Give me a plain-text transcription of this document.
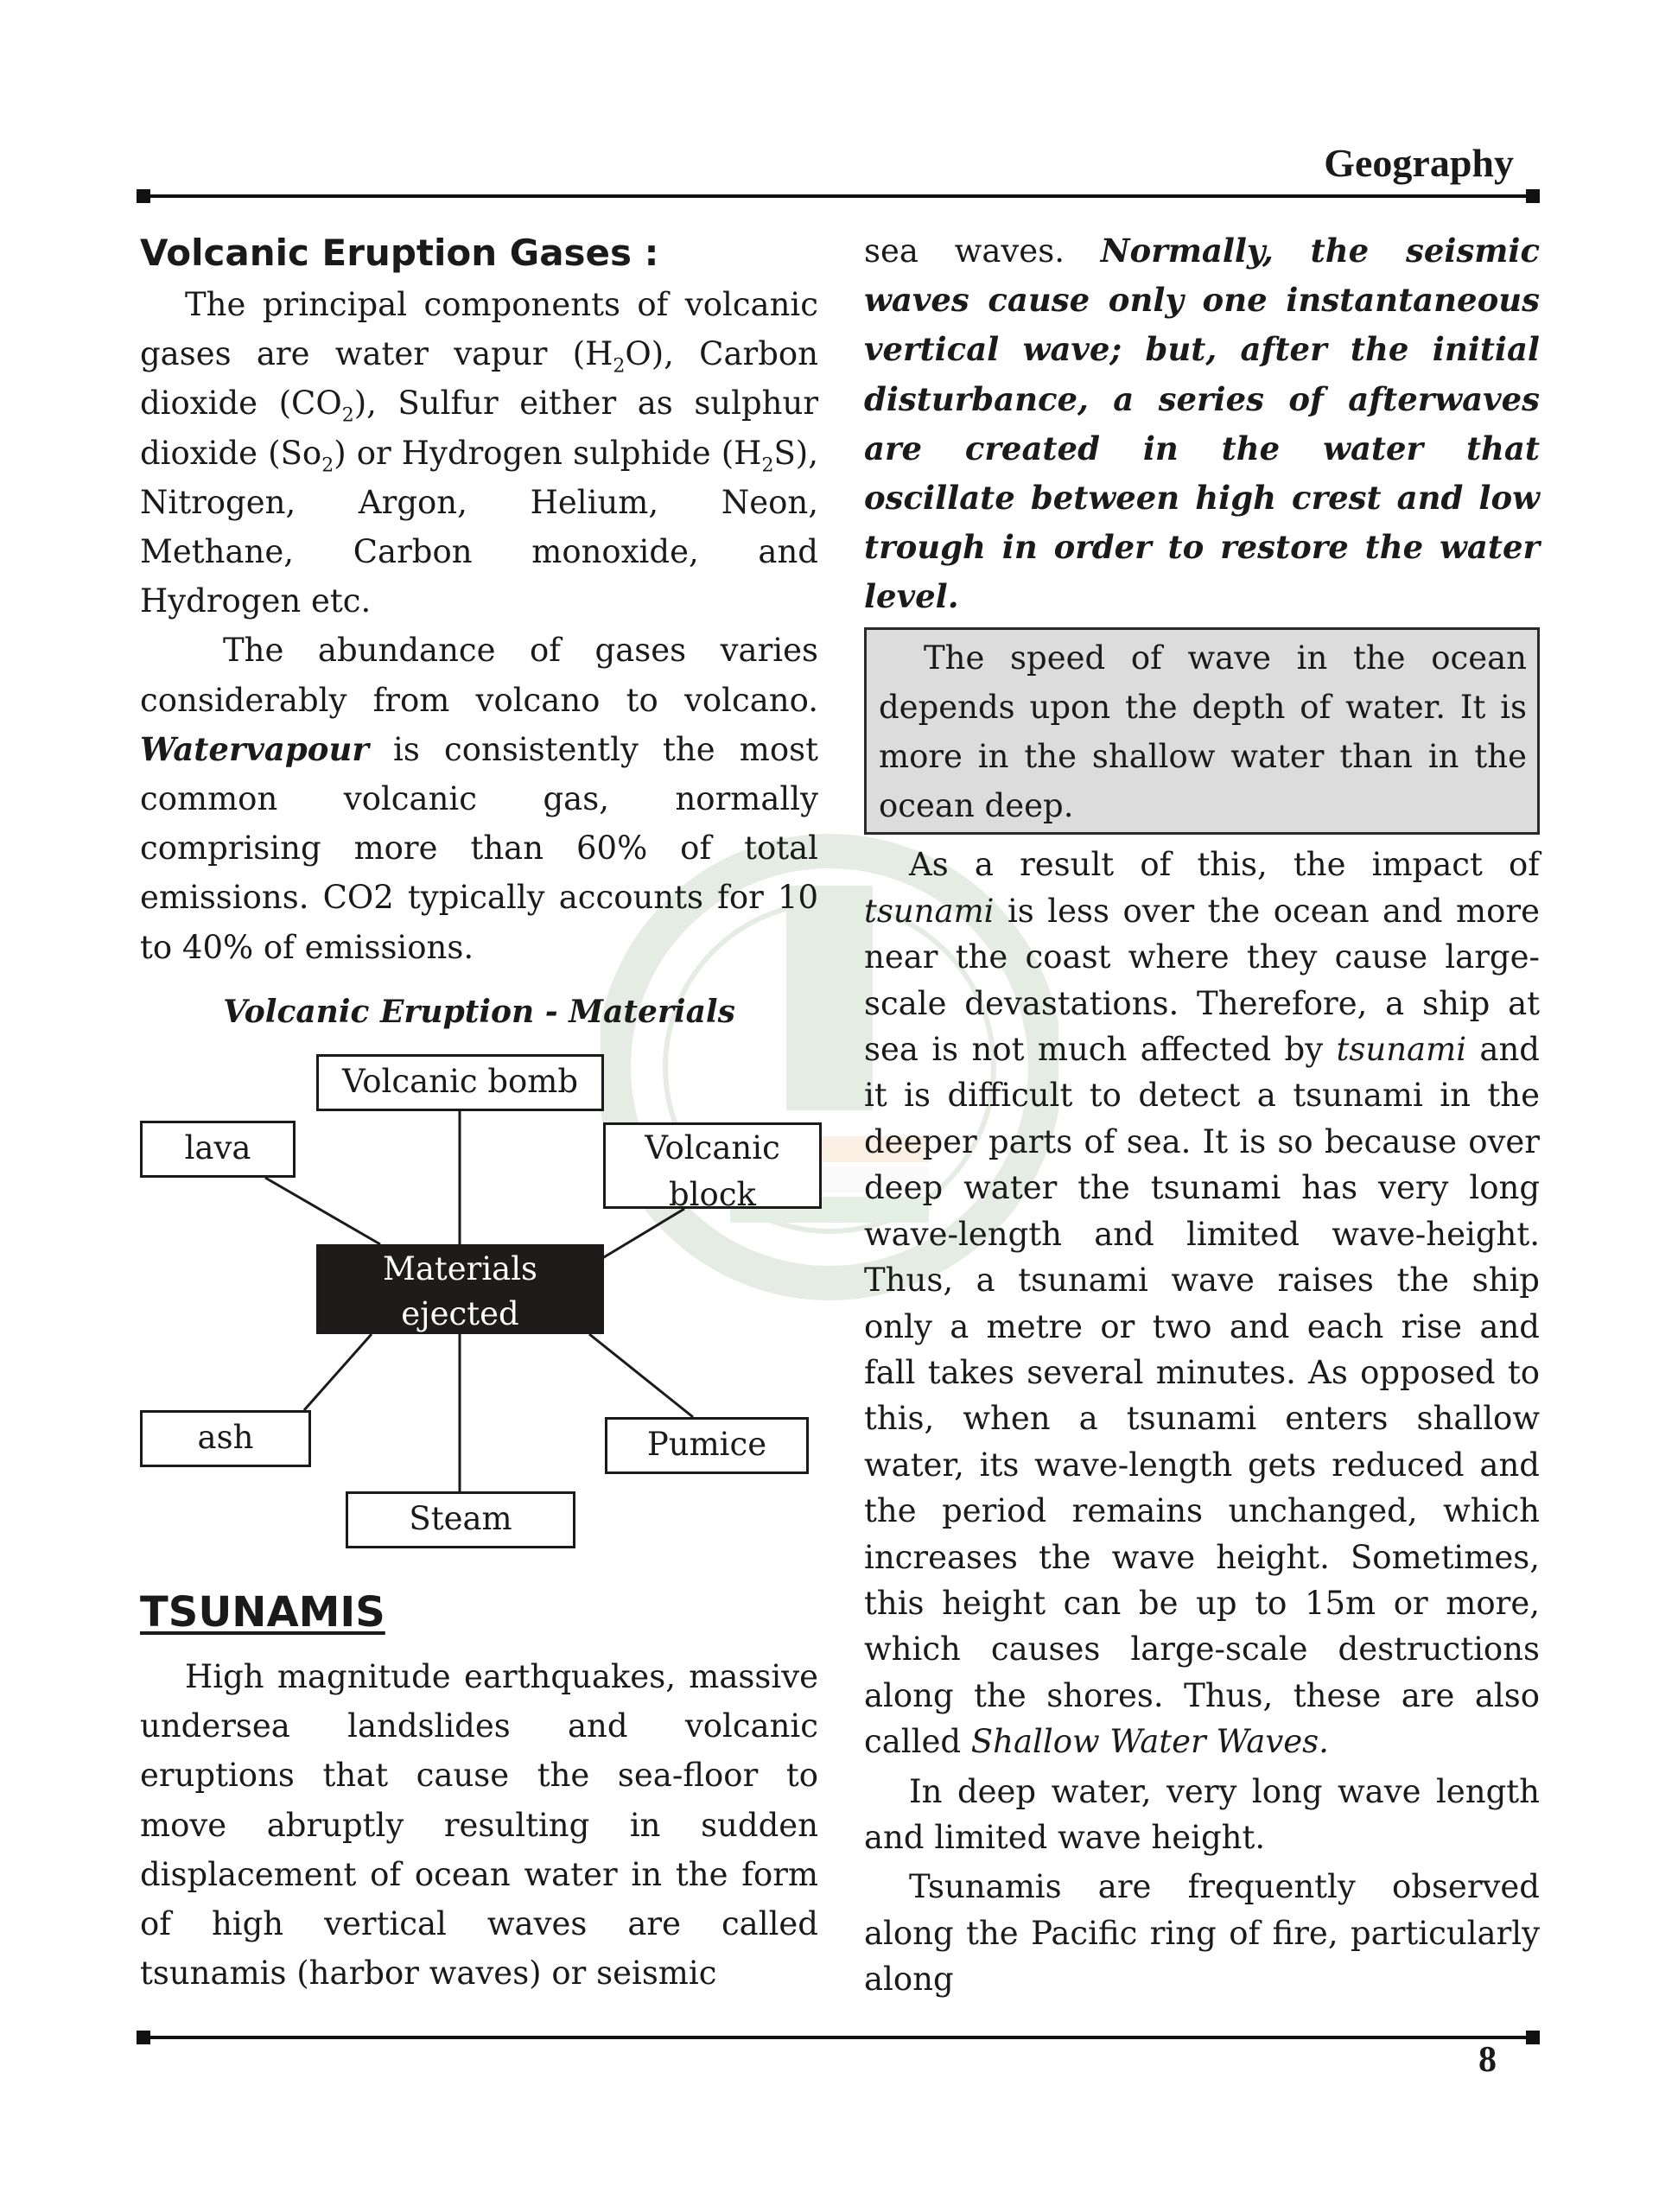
Geography
Volcanic Eruption Gases :

The principal components of volcanic gases are water vapur $(H_2O)$, Carbon dioxide $(CO_2)$, Sulfur either as sulphur dioxide $(So_2)$ or Hydrogen sulphide $(H_2S)$, Nitrogen, Argon, Helium, Neon, Methane, Carbon monoxide, and Hydrogen etc.

The abundance of gases varies considerably from volcano to volcano. Watervapour is consistently the most common volcanic gas, normally comprising more than 60% of total emissions. CO2 typically accounts for 10 to 40% of emissions.

Volcanic Eruption - Materials
Volcanic bomb
lava	Volcanic block
Materials ejected
ash	Pumice
Steam
TSUNAMIS

High magnitude earthquakes, massive undersea landslides and volcanic eruptions that cause the sea-floor to move abruptly resulting in sudden displacement of ocean water in the form of high vertical waves are called tsunamis (harbor waves) or seismic

sea waves. Normally, the seismic waves cause only one instantaneous vertical wave; but, after the initial disturbance, a series of afterwaves are created in the water that oscillate between high crest and low trough in order to restore the water level.

The speed of wave in the ocean depends upon the depth of water. It is more in the shallow water than in the ocean deep.

As a result of this, the impact of tsunami is less over the ocean and more near the coast where they cause large-scale devastations. Therefore, a ship at sea is not much affected by tsunami and it is difficult to detect a tsunami in the deeper parts of sea. It is so because over deep water the tsunami has very long wave-length and limited wave-height. Thus, a tsunami wave raises the ship only a metre or two and each rise and fall takes several minutes. As opposed to this, when a tsunami enters shallow water, its wave-length gets reduced and the period remains unchanged, which increases the wave height. Sometimes, this height can be up to 15m or more, which causes large-scale destructions along the shores. Thus, these are also called Shallow Water Waves.

In deep water, very long wave length and limited wave height.

Tsunamis are frequently observed along the Pacific ring of fire, particularly along

8
